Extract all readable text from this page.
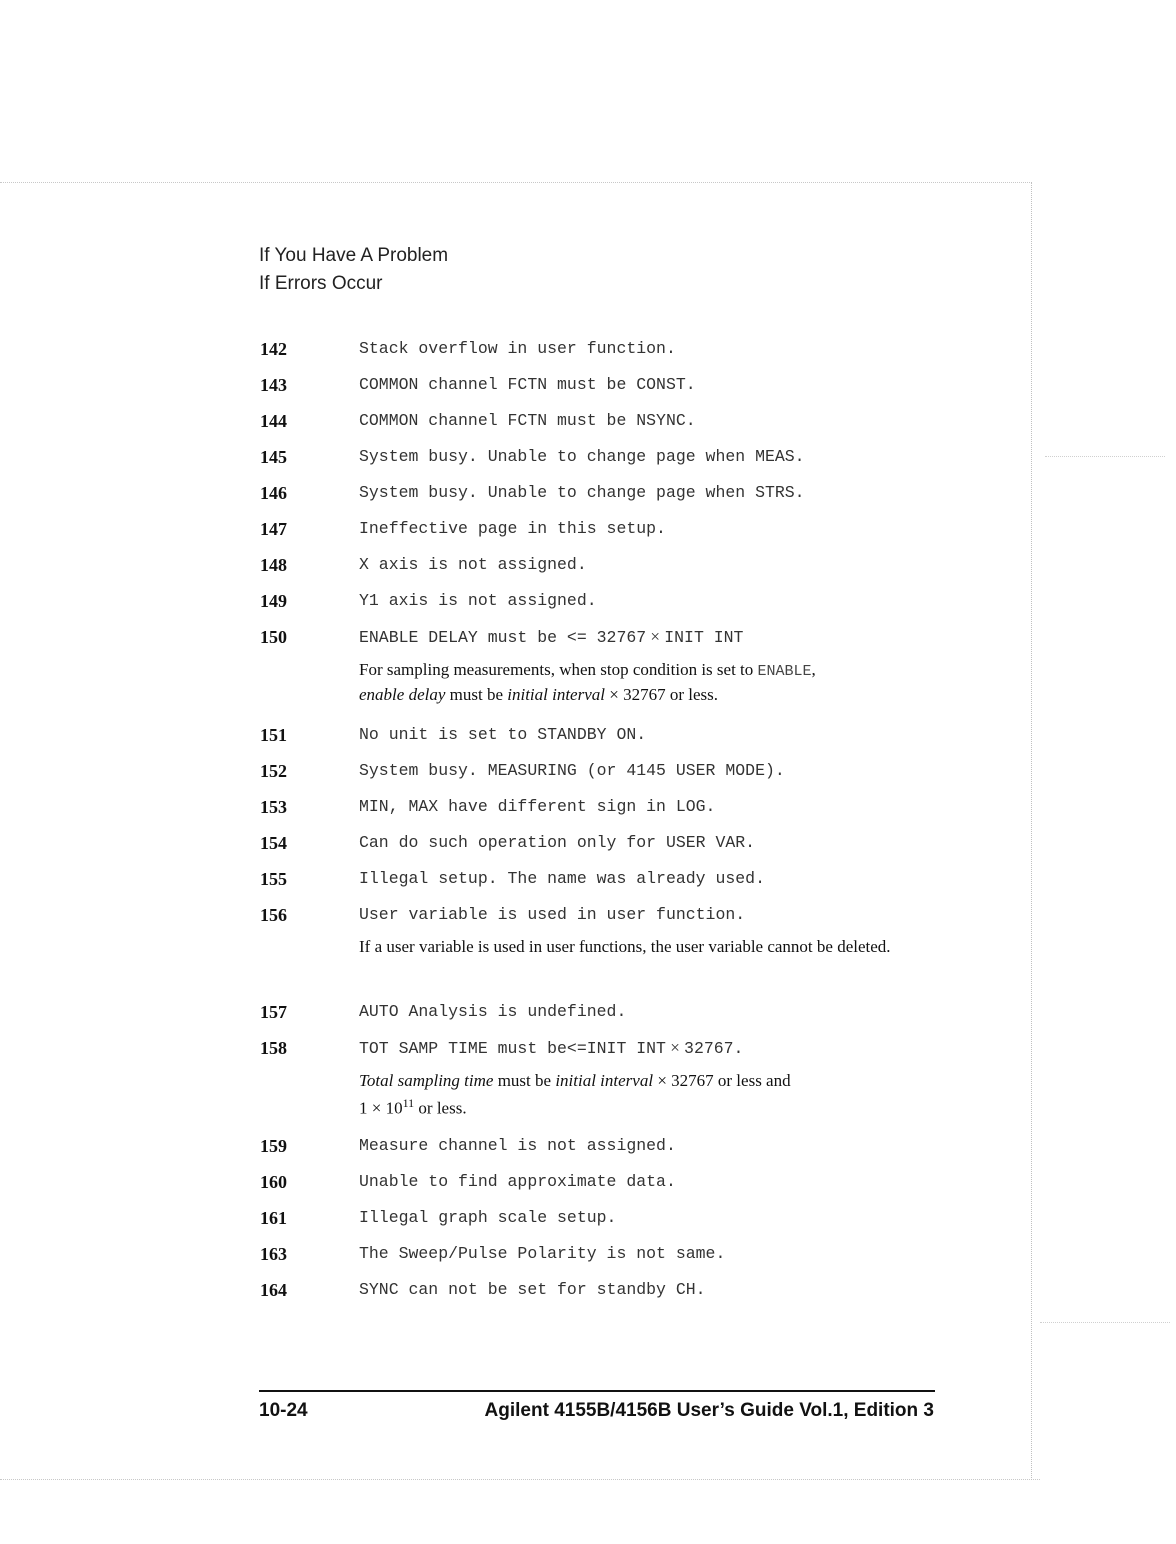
If You Have A Problem
If Errors Occur
142	Stack overflow in user function.
143	COMMON channel FCTN must be CONST.
144	COMMON channel FCTN must be NSYNC.
145	System busy. Unable to change page when MEAS.
146	System busy. Unable to change page when STRS.
147	Ineffective page in this setup.
148	X axis is not assigned.
149	Y1 axis is not assigned.
150	ENABLE DELAY must be <= 32767 × INIT INT
For sampling measurements, when stop condition is set to ENABLE,
enable delay must be initial interval × 32767 or less.
151	No unit is set to STANDBY ON.
152	System busy. MEASURING (or 4145 USER MODE).
153	MIN, MAX have different sign in LOG.
154	Can do such operation only for USER VAR.
155	Illegal setup. The name was already used.
156	User variable is used in user function.
If a user variable is used in user functions, the user variable cannot be deleted.
157	AUTO Analysis is undefined.
158	TOT SAMP TIME must be<=INIT INT × 32767.
Total sampling time must be initial interval × 32767 or less and
$1 \times 10^{11}$ or less.
159	Measure channel is not assigned.
160	Unable to find approximate data.
161	Illegal graph scale setup.
163	The Sweep/Pulse Polarity is not same.
164	SYNC can not be set for standby CH.
10-24	Agilent 4155B/4156B User’s Guide Vol.1, Edition 3
